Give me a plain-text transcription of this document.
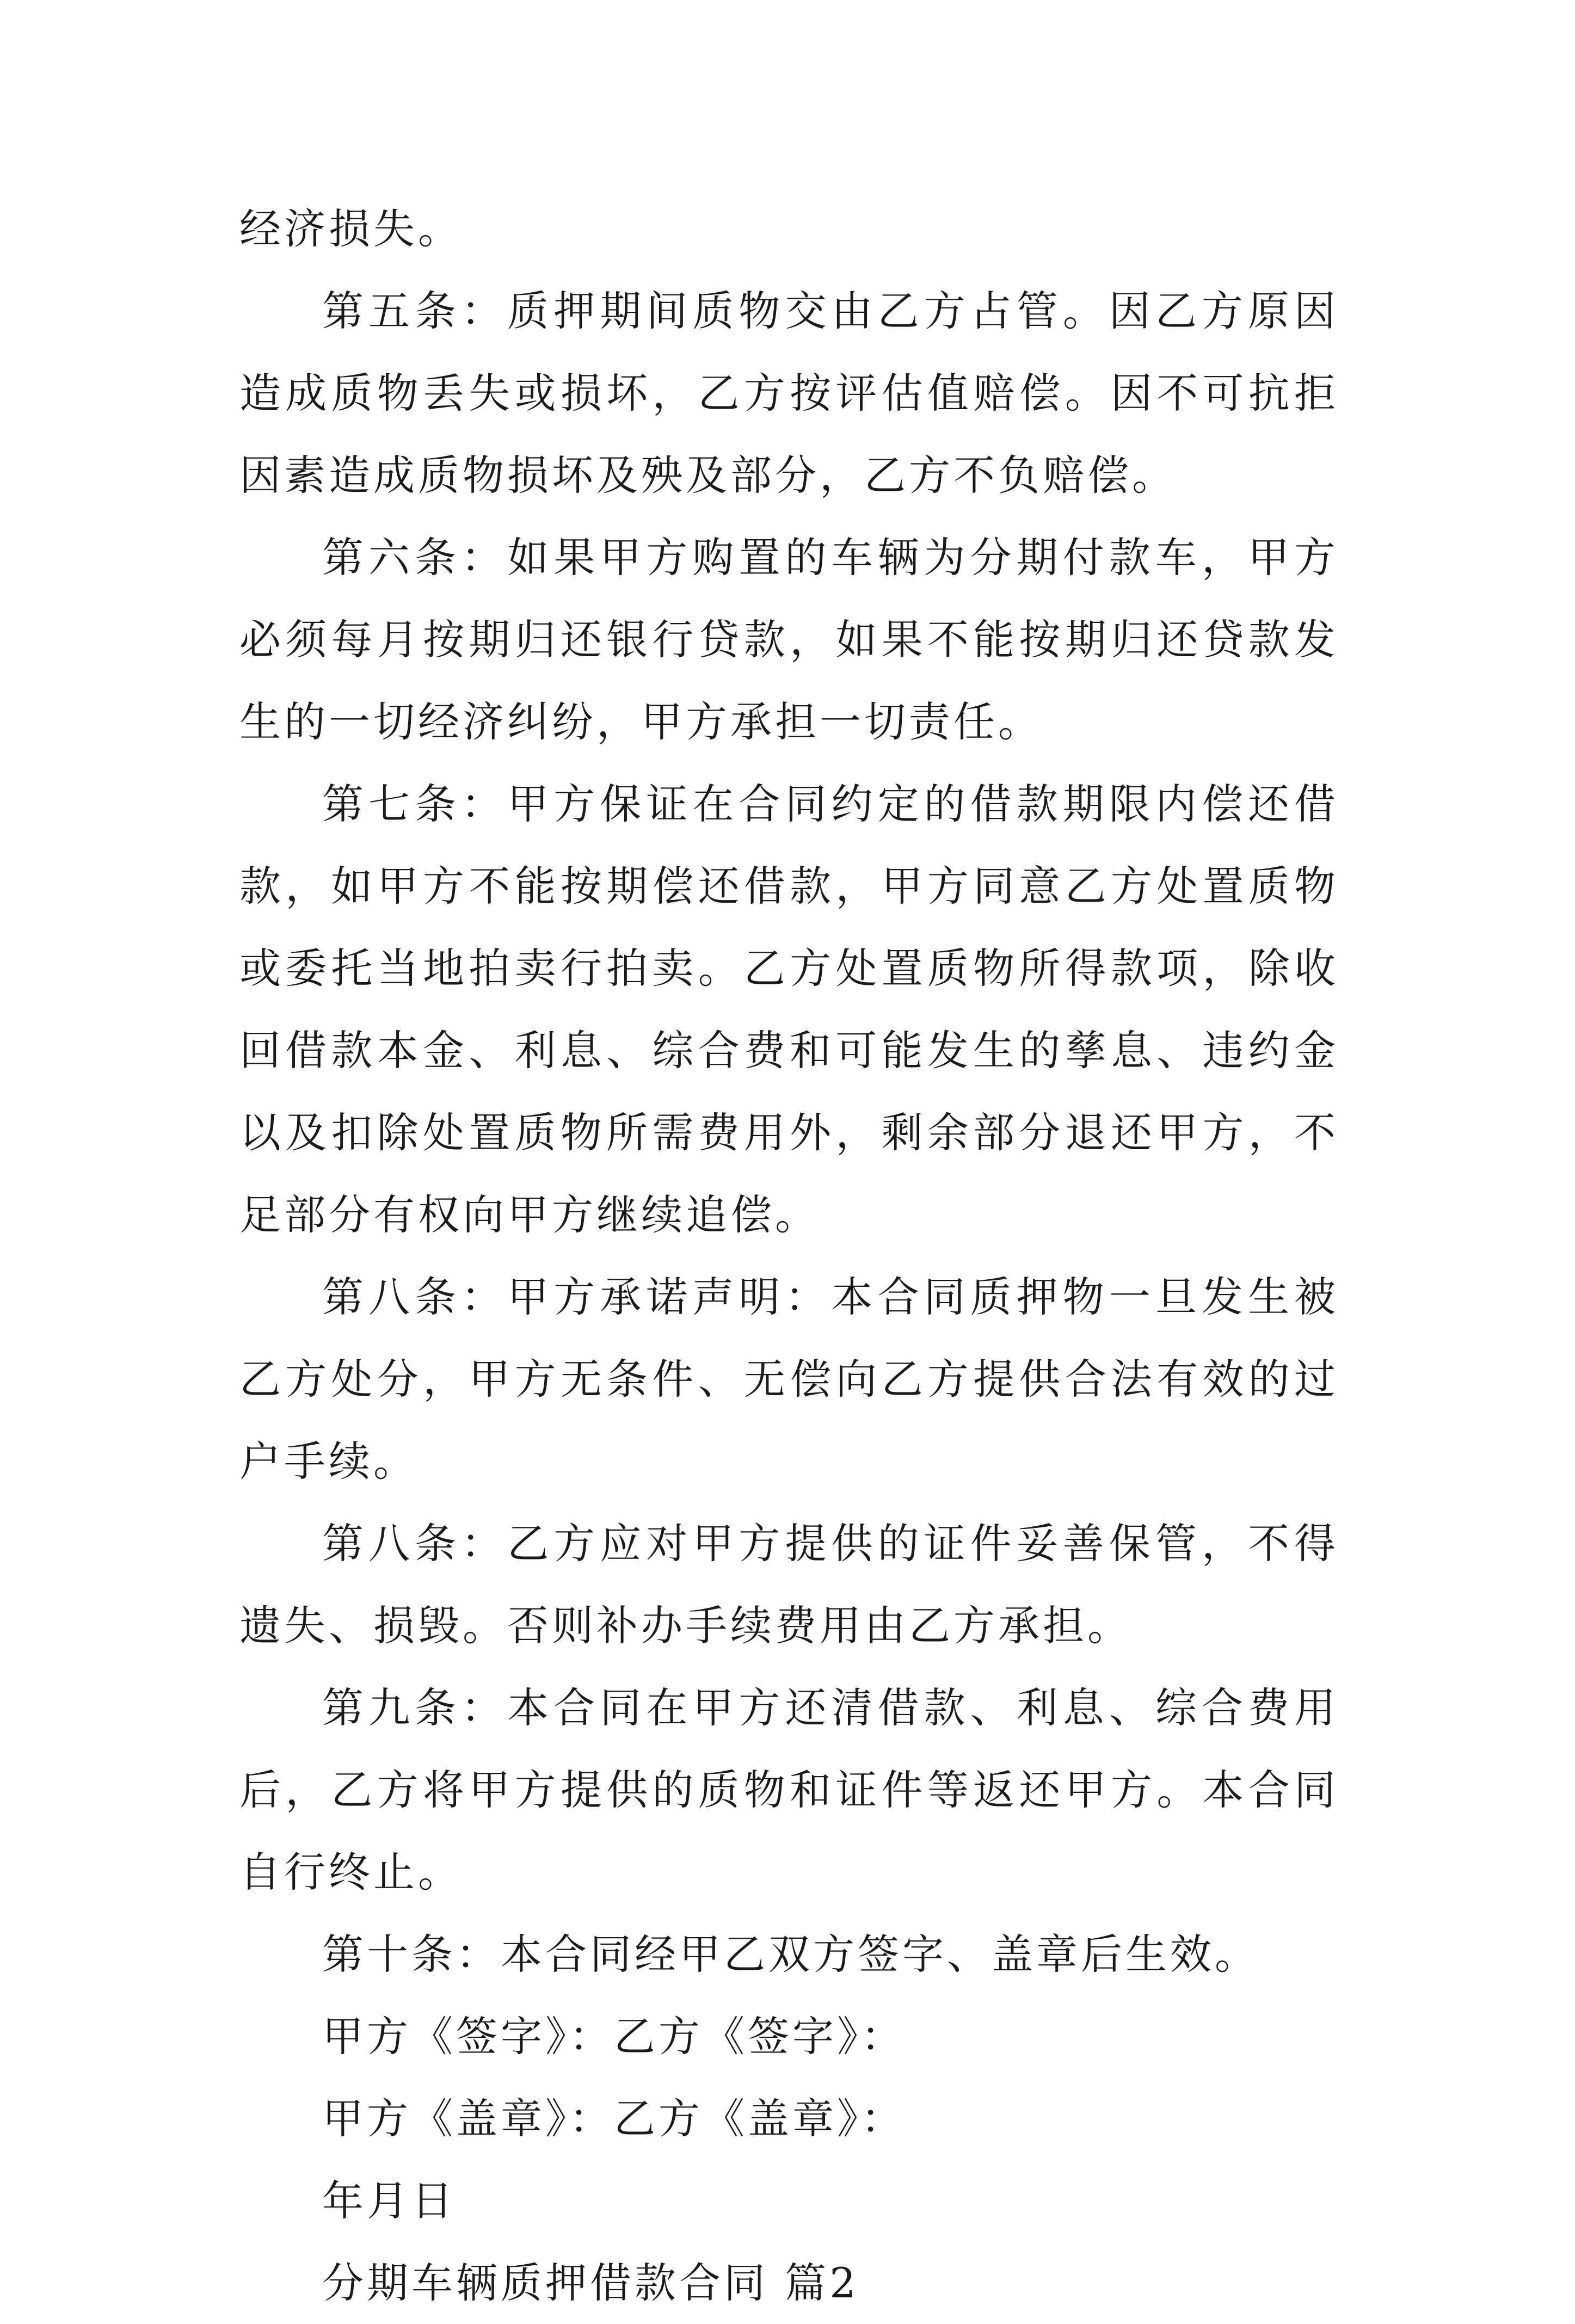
经济损失。

第五条：质押期间质物交由乙方占管。因乙方原因造成质物丢失或损坏，乙方按评估值赔偿。因不可抗拒因素造成质物损坏及殃及部分，乙方不负赔偿。

第六条：如果甲方购置的车辆为分期付款车，甲方必须每月按期归还银行贷款，如果不能按期归还贷款发生的一切经济纠纷，甲方承担一切责任。

第七条：甲方保证在合同约定的借款期限内偿还借款，如甲方不能按期偿还借款，甲方同意乙方处置质物或委托当地拍卖行拍卖。乙方处置质物所得款项，除收回借款本金、利息、综合费和可能发生的孳息、违约金以及扣除处置质物所需费用外，剩余部分退还甲方，不足部分有权向甲方继续追偿。

第八条：甲方承诺声明：本合同质押物一旦发生被乙方处分，甲方无条件、无偿向乙方提供合法有效的过户手续。

第八条：乙方应对甲方提供的证件妥善保管，不得遗失、损毁。否则补办手续费用由乙方承担。

第九条：本合同在甲方还清借款、利息、综合费用后，乙方将甲方提供的质物和证件等返还甲方。本合同自行终止。

第十条：本合同经甲乙双方签字、盖章后生效。

甲方《签字》：乙方《签字》：

甲方《盖章》：乙方《盖章》：

年月日

分期车辆质押借款合同 篇2
